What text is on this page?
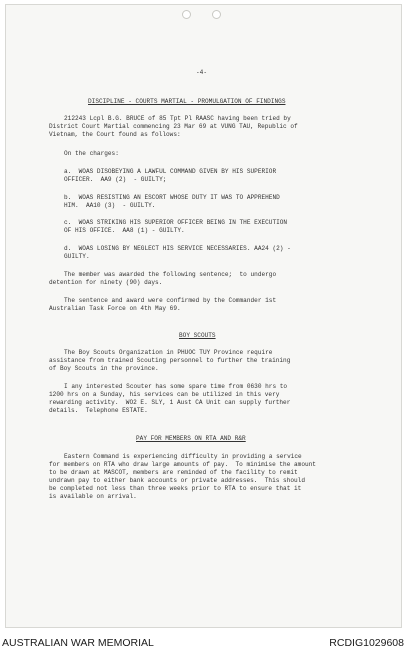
-4-
DISCIPLINE - COURTS MARTIAL - PROMULGATION OF FINDINGS
212243 Lcpl B.G. BRUCE of 85 Tpt Pl RAASC having been tried by
District Court Martial commencing 23 Mar 69 at VUNG TAU, Republic of
Vietnam, the Court found as follows:
On the charges:
a.  WOAS DISOBEYING A LAWFUL COMMAND GIVEN BY HIS SUPERIOR
OFFICER.  AA9 (2)  - GUILTY;
b.  WOAS RESISTING AN ESCORT WHOSE DUTY IT WAS TO APPREHEND
HIM.  AA10 (3)  - GUILTY.
c.  WOAS STRIKING HIS SUPERIOR OFFICER BEING IN THE EXECUTION
OF HIS OFFICE.  AA8 (1) - GUILTY.
d.  WOAS LOSING BY NEGLECT HIS SERVICE NECESSARIES. AA24 (2) -
GUILTY.
The member was awarded the following sentence;  to undergo
detention for ninety (90) days.
The sentence and award were confirmed by the Commander 1st
Australian Task Force on 4th May 69.
BOY SCOUTS
The Boy Scouts Organization in PHUOC TUY Province require
assistance from trained Scouting personnel to further the training
of Boy Scouts in the province.
I any interested Scouter has some spare time from 0630 hrs to
1200 hrs on a Sunday, his services can be utilized in this very
rewarding activity.  WO2 E. SLY, 1 Aust CA Unit can supply further
details.  Telephone ESTATE.
PAY FOR MEMBERS ON RTA AND R&R
Eastern Command is experiencing difficulty in providing a service
for members on RTA who draw large amounts of pay.  To minimise the amount
to be drawn at MASCOT, members are reminded of the facility to remit
undrawn pay to either bank accounts or private addresses.  This should
be completed not less than three weeks prior to RTA to ensure that it
is available on arrival.
AUSTRALIAN WAR MEMORIAL	RCDIG1029608
